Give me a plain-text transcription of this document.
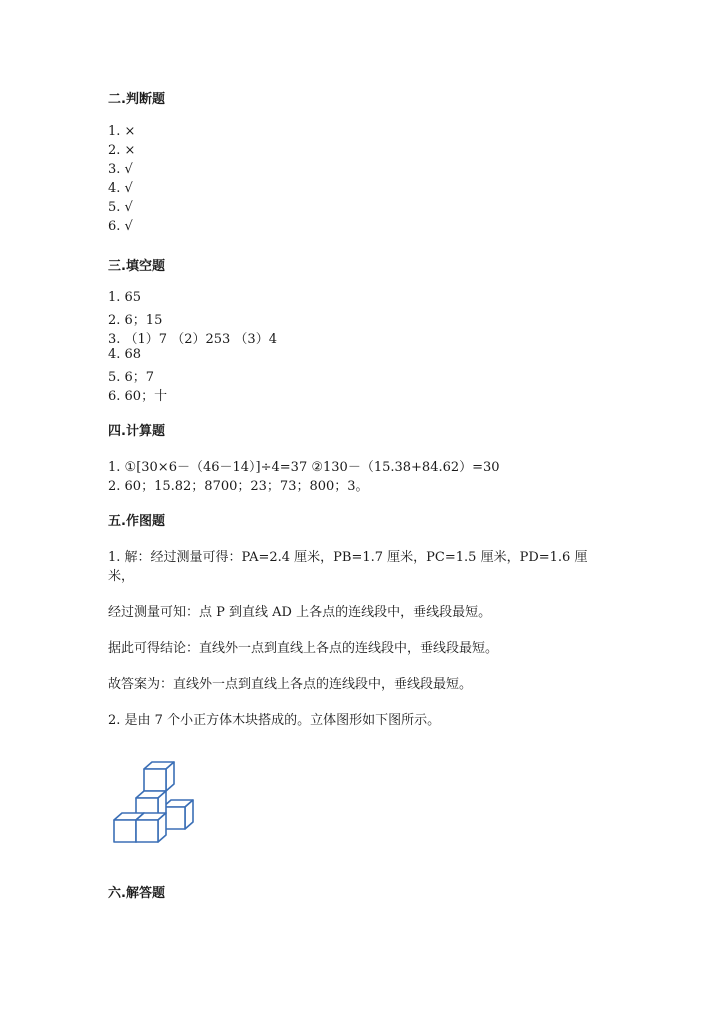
二.判断题
1. ×
2. ×
3. √
4. √
5. √
6. √
三.填空题
1. 65
2. 6；15
3. （1）7 （2）253 （3）4
4. 68
5. 6；7
6. 60；十
四.计算题
1. ①[30×6－（46－14）]÷4=37 ②130－（15.38+84.62）=30
2. 60；15.82；8700；23；73；800；3。
五.作图题
1. 解：经过测量可得：PA=2.4 厘米，PB=1.7 厘米，PC=1.5 厘米，PD=1.6 厘
米，
经过测量可知：点 P 到直线 AD 上各点的连线段中，垂线段最短。
据此可得结论：直线外一点到直线上各点的连线段中，垂线段最短。
故答案为：直线外一点到直线上各点的连线段中，垂线段最短。
2. 是由 7 个小正方体木块搭成的。立体图形如下图所示。
六.解答题
